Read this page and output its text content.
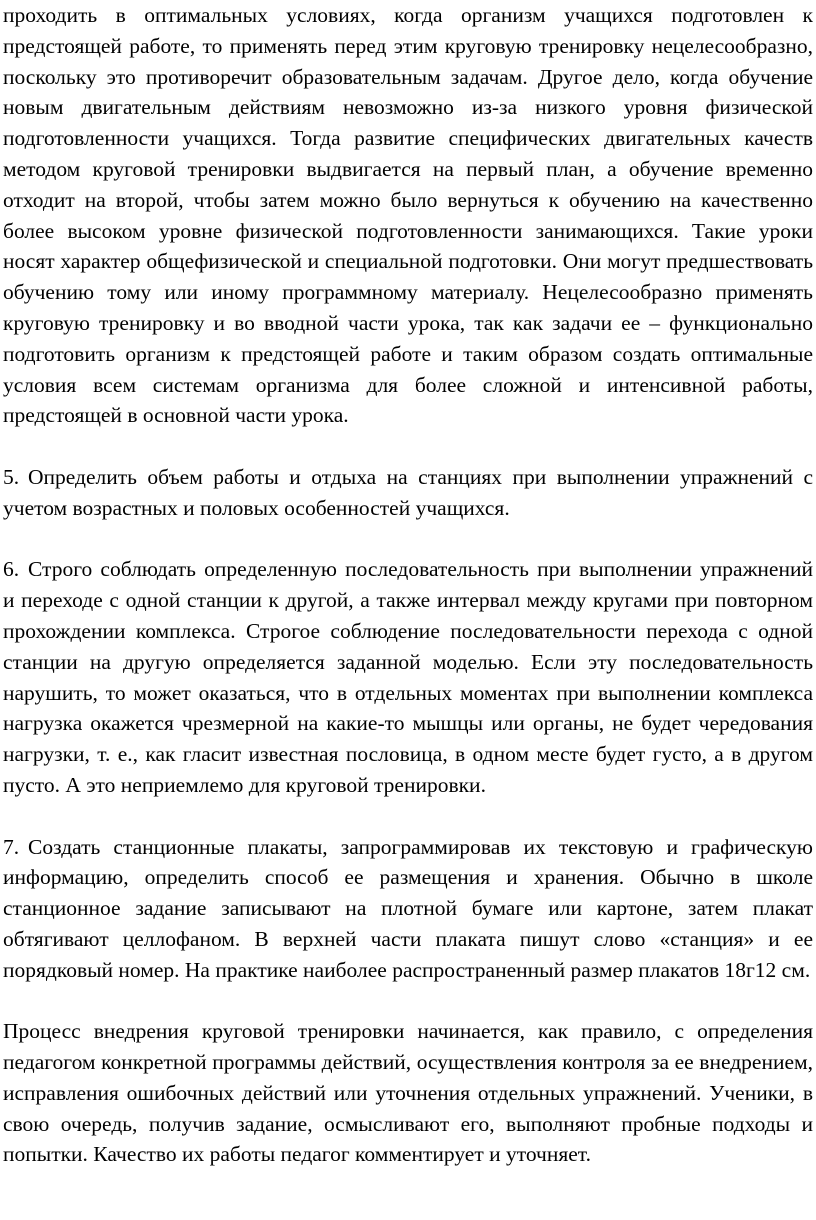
проходить в оптимальных условиях, когда организм учащихся подготовлен к предстоящей работе, то применять перед этим круговую тренировку нецелесообразно, поскольку это противоречит образовательным задачам. Другое дело, когда обучение новым двигательным действиям невозможно из-за низкого уровня физической подготовленности учащихся. Тогда развитие специфических двигательных качеств методом круговой тренировки выдвигается на первый план, а обучение временно отходит на второй, чтобы затем можно было вернуться к обучению на качественно более высоком уровне физической подготовленности занимающихся. Такие уроки носят характер общефизической и специальной подготовки. Они могут предшествовать обучению тому или иному программному материалу. Нецелесообразно применять круговую тренировку и во вводной части урока, так как задачи ее – функционально подготовить организм к предстоящей работе и таким образом создать оптимальные условия всем системам организма для более сложной и интенсивной работы, предстоящей в основной части урока.

5. Определить объем работы и отдыха на станциях при выполнении упражнений с учетом возрастных и половых особенностей учащихся.

6. Строго соблюдать определенную последовательность при выполнении упражнений и переходе с одной станции к другой, а также интервал между кругами при повторном прохождении комплекса. Строгое соблюдение последовательности перехода с одной станции на другую определяется заданной моделью. Если эту последовательность нарушить, то может оказаться, что в отдельных моментах при выполнении комплекса нагрузка окажется чрезмерной на какие-то мышцы или органы, не будет чередования нагрузки, т. е., как гласит известная пословица, в одном месте будет густо, а в другом пусто. А это неприемлемо для круговой тренировки.

7. Создать станционные плакаты, запрограммировав их текстовую и графическую информацию, определить способ ее размещения и хранения. Обычно в школе станционное задание записывают на плотной бумаге или картоне, затем плакат обтягивают целлофаном. В верхней части плаката пишут слово «станция» и ее порядковый номер. На практике наиболее распространенный размер плакатов 18г12 см.

Процесс внедрения круговой тренировки начинается, как правило, с определения педагогом конкретной программы действий, осуществления контроля за ее внедрением, исправления ошибочных действий или уточнения отдельных упражнений. Ученики, в свою очередь, получив задание, осмысливают его, выполняют пробные подходы и попытки. Качество их работы педагог комментирует и уточняет.
